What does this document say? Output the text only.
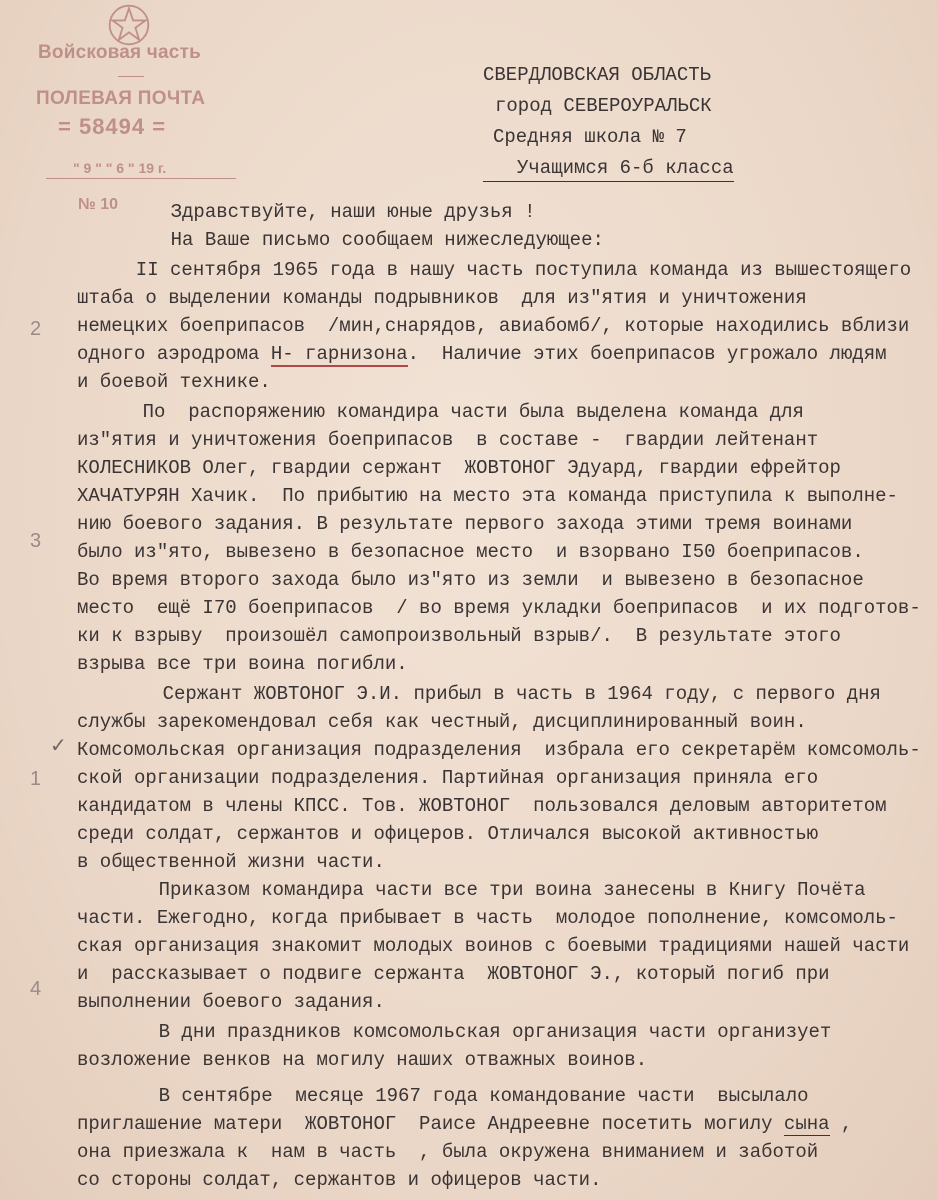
Войсковая часть
ПОЛЕВАЯ ПОЧТА
= 58494 =
" 9 " " 6 " 19 г.
№ 10
СВЕРДЛОВСКАЯ ОБЛАСТЬ
город СЕВЕРОУРАЛЬСК
Средняя школа № 7
Учащимся 6-б класса
Здравствуйте, наши юные друзья !
На Ваше письмо сообщаем нижеследующее:
II сентября 1965 года в нашу часть поступила команда из вышестоящего
штаба о выделении команды подрывников  для из"ятия и уничтожения
немецких боеприпасов  /мин,снарядов, авиабомб/, которые находились вблизи
одного аэродрома Н- гарнизона.  Наличие этих боеприпасов угрожало людям
и боевой технике.
По  распоряжению командира части была выделена команда для
из"ятия и уничтожения боеприпасов  в составе -  гвардии лейтенант
КОЛЕСНИКОВ Олег, гвардии сержант  ЖОВТОНОГ Эдуард, гвардии ефрейтор
ХАЧАТУРЯН Хачик.  По прибытию на место эта команда приступила к выполне-
нию боевого задания. В результате первого захода этими тремя воинами
было из"ято, вывезено в безопасное место  и взорвано I50 боеприпасов.
Во время второго захода было из"ято из земли  и вывезено в безопасное
место  ещё I70 боеприпасов  / во время укладки боеприпасов  и их подготов-
ки к взрыву  произошёл самопроизвольный взрыв/.  В результате этого
взрыва все три воина погибли.
Сержант ЖОВТОНОГ Э.И. прибыл в часть в 1964 году, с первого дня
службы зарекомендовал себя как честный, дисциплинированный воин.
Комсомольская организация подразделения  избрала его секретарём комсомоль-
ской организации подразделения. Партийная организация приняла его
кандидатом в члены КПСС. Тов. ЖОВТОНОГ  пользовался деловым авторитетом
среди солдат, сержантов и офицеров. Отличался высокой активностью
в общественной жизни части.
Приказом командира части все три воина занесены в Книгу Почёта
части. Ежегодно, когда прибывает в часть  молодое пополнение, комсомоль-
ская организация знакомит молодых воинов с боевыми традициями нашей части
и  рассказывает о подвиге сержанта  ЖОВТОНОГ Э., который погиб при
выполнении боевого задания.
В дни праздников комсомольская организация части организует
возложение венков на могилу наших отважных воинов.
В сентябре  месяце 1967 года командование части  высылало
приглашение матери  ЖОВТОНОГ  Раисе Андреевне посетить могилу сына ,
она приезжала к  нам в часть  , была окружена вниманием и заботой
со стороны солдат, сержантов и офицеров части.
2
3
✓
1
4
